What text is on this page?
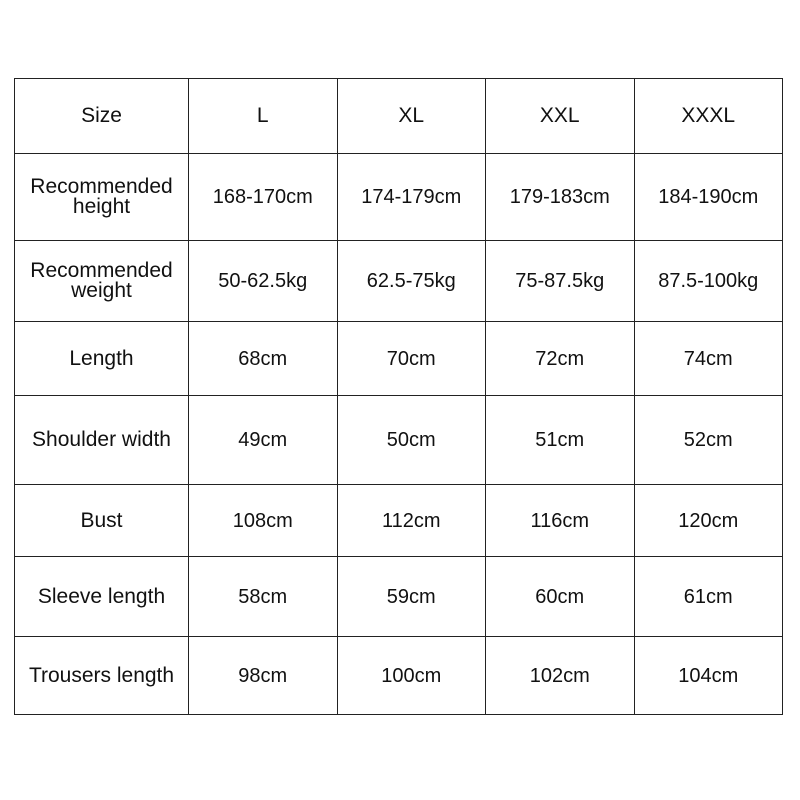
Size	L	XL	XXL	XXXL
Recommended height	168-170cm	174-179cm	179-183cm	184-190cm
Recommended weight	50-62.5kg	62.5-75kg	75-87.5kg	87.5-100kg
Length	68cm	70cm	72cm	74cm
Shoulder width	49cm	50cm	51cm	52cm
Bust	108cm	112cm	116cm	120cm
Sleeve length	58cm	59cm	60cm	61cm
Trousers length	98cm	100cm	102cm	104cm
